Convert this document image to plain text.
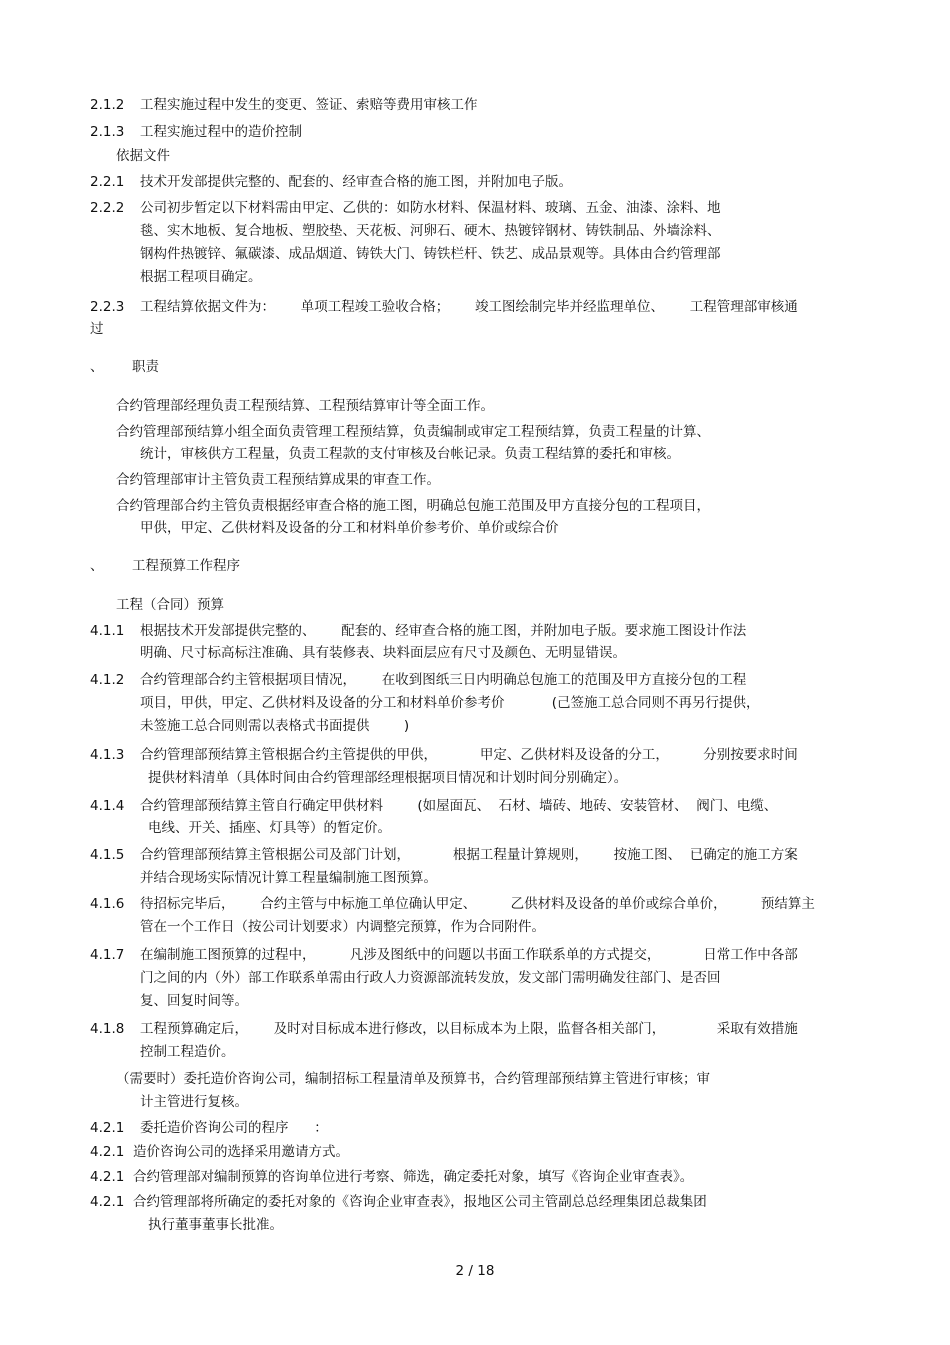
2.1.2 工程实施过程中发生的变更、签证、索赔等费用审核工作
2.1.3 工程实施过程中的造价控制
依据文件
2.2.1 技术开发部提供完整的、配套的、经审查合格的施工图，并附加电子版。
2.2.2 公司初步暂定以下材料需由甲定、乙供的：如防水材料、保温材料、玻璃、五金、油漆、涂料、地
毯、实木地板、复合地板、塑胶垫、天花板、河卵石、硬木、热镀锌钢材、铸铁制品、外墙涂料、
钢构件热镀锌、氟碳漆、成品烟道、铸铁大门、铸铁栏杆、铁艺、成品景观等。具体由合约管理部
根据工程项目确定。
2.2.3 工程结算依据文件为：      单项工程竣工验收合格；      竣工图绘制完毕并经监理单位、      工程管理部审核通
过
、 职责
合约管理部经理负责工程预结算、工程预结算审计等全面工作。
合约管理部预结算小组全面负责管理工程预结算，负责编制或审定工程预结算，负责工程量的计算、
统计，审核供方工程量，负责工程款的支付审核及台帐记录。负责工程结算的委托和审核。
合约管理部审计主管负责工程预结算成果的审查工作。
合约管理部合约主管负责根据经审查合格的施工图，明确总包施工范围及甲方直接分包的工程项目，
甲供，甲定、乙供材料及设备的分工和材料单价参考价、单价或综合价
、 工程预算工作程序
工程（合同）预算
4.1.1 根据技术开发部提供完整的、      配套的、经审查合格的施工图，并附加电子版。要求施工图设计作法
明确、尺寸标高标注准确、具有装修表、块料面层应有尺寸及颜色、无明显错误。
4.1.2 合约管理部合约主管根据项目情况，      在收到图纸三日内明确总包施工的范围及甲方直接分包的工程
项目，甲供，甲定、乙供材料及设备的分工和材料单价参考价           (己签施工总合同则不再另行提供，
未签施工总合同则需以表格式书面提供        )
4.1.3 合约管理部预结算主管根据合约主管提供的甲供，          甲定、乙供材料及设备的分工，        分别按要求时间
提供材料清单（具体时间由合约管理部经理根据项目情况和计划时间分别确定）。
4.1.4 合约管理部预结算主管自行确定甲供材料        (如屋面瓦、  石材、墙砖、地砖、安装管材、  阀门、电缆、
电线、开关、插座、灯具等）的暂定价。
4.1.5 合约管理部预结算主管根据公司及部门计划，          根据工程量计算规则，      按施工图、  已确定的施工方案
并结合现场实际情况计算工程量编制施工图预算。
4.1.6 待招标完毕后，      合约主管与中标施工单位确认甲定、        乙供材料及设备的单价或综合单价，        预结算主
管在一个工作日（按公司计划要求）内调整完预算，作为合同附件。
4.1.7 在编制施工图预算的过程中，        凡涉及图纸中的问题以书面工作联系单的方式提交，          日常工作中各部
门之间的内（外）部工作联系单需由行政人力资源部流转发放，发文部门需明确发往部门、是否回
复、回复时间等。
4.1.8 工程预算确定后，      及时对目标成本进行修改，以目标成本为上限，监督各相关部门，            采取有效措施
控制工程造价。
（需要时）委托造价咨询公司，编制招标工程量清单及预算书，合约管理部预结算主管进行审核；审
计主管进行复核。
4.2.1 委托造价咨询公司的程序      ：
4.2.1 造价咨询公司的选择采用邀请方式。
4.2.1 合约管理部对编制预算的咨询单位进行考察、筛选，确定委托对象，填写《咨询企业审查表》。
4.2.1 合约管理部将所确定的委托对象的《咨询企业审查表》，报地区公司主管副总总经理集团总裁集团
执行董事董事长批准。
2 / 18
